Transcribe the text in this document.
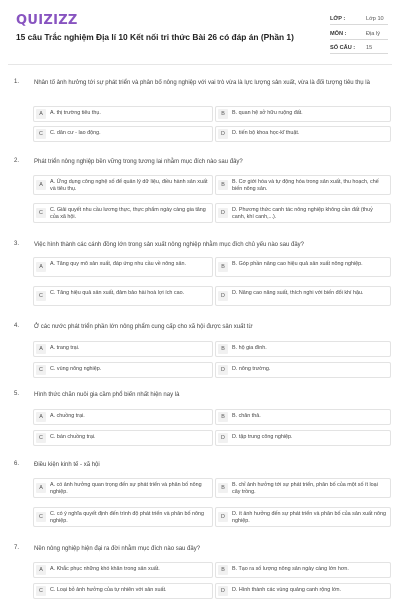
QUIZIZZ
15 câu Trắc nghiệm Địa lí 10 Kết nối tri thức Bài 26 có đáp án (Phần 1)
LỚP :	Lớp 10
MÔN :	Địa lý
SỐ CÂU : 15
1. Nhân tố ảnh hưởng tới sự phát triển và phân bố nông nghiệp với vai trò vừa là lực lượng sản xuất, vừa là đối tượng tiêu thụ là
A	A. thị trường tiêu thụ.	B	B. quan hệ sở hữu ruộng đất.
C	C. dân cư - lao động.	D	D. tiến bộ khoa học-kĩ thuật.
2. Phát triển nông nghiệp bền vững trong tương lai nhằm mục đích nào sau đây?
A	A. Ứng dụng công nghệ số để quản lý dữ liệu, điều hành sản xuất và tiêu thụ.
B	B. Cơ giới hóa và tự động hóa trong sản xuất, thu hoạch, chế biến nông sản.
C	C. Giải quyết nhu cầu lương thực, thực phẩm ngày càng gia tăng của xã hội.
D	D. Phương thức canh tác nông nghiệp không cần đất (thuỷ canh, khí canh,...).
3. Việc hình thành các cánh đồng lớn trong sản xuất nông nghiệp nhằm mục đích chủ yếu nào sau đây?
A	A. Tăng quy mô sản xuất, đáp ứng nhu cầu về nông sản.	B	B. Góp phần nâng cao hiệu quả sản xuất nông nghiệp.
C	C. Tăng hiệu quả sản xuất, đảm bảo hài hoà lợi ích cao.	D	D. Nâng cao năng suất, thích nghi với biến đổi khí hậu.
4. Ở các nước phát triển phần lớn nông phẩm cung cấp cho xã hội được sản xuất từ
A	A. trang trại.	B	B. hộ gia đình.
C	C. vùng nông nghiệp.	D	D. nông trường.
5. Hình thức chăn nuôi gia cầm phổ biến nhất hiện nay là
A	A. chuồng trại.	B	B. chăn thả.
C	C. bán chuồng trại.	D	D. tập trung công nghiệp.
6. Điều kiện kinh tế - xã hội
A	A. có ảnh hưởng quan trọng đến sự phát triển và phân bố nông nghiệp.
B	B. chỉ ảnh hưởng tới sự phát triển, phân bố của một số ít loại cây trồng.
C	C. có ý nghĩa quyết định đến trình độ phát triển và phân bố nông nghiệp.
D	D. ít ảnh hưởng đến sự phát triển và phân bố của sản xuất nông nghiệp.
7. Nền nông nghiệp hiện đại ra đời nhằm mục đích nào sau đây?
A	A. Khắc phục những khó khăn trong sản xuất.	B	B. Tạo ra số lượng nông sản ngày càng lớn hơn.
C	C. Loại bỏ ảnh hưởng của tự nhiên với sản xuất.	D	D. Hình thành các vùng quảng canh rộng lớn.
